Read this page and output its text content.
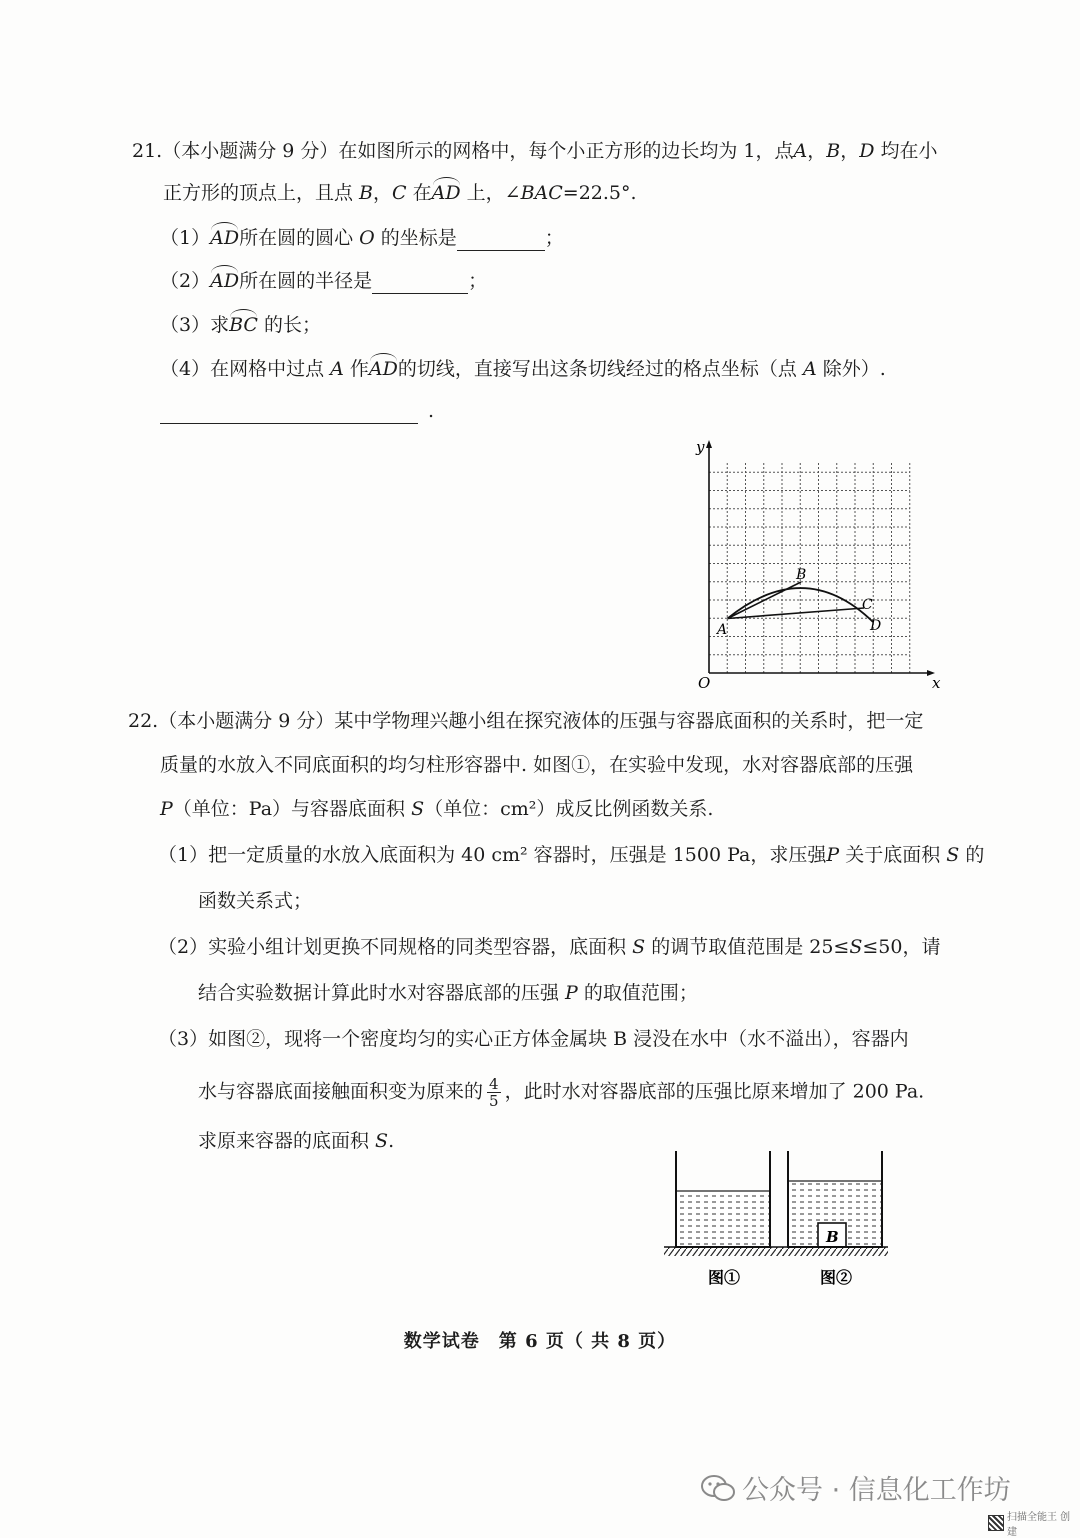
21.（本小题满分 9 分）在如图所示的网格中，每个小正方形的边长均为 1，点A，B，D 均在小
正方形的顶点上，且点 B，C 在AD 上，∠BAC=22.5°.
（1）AD所在圆的圆心 O 的坐标是	；
（2）AD所在圆的半径是	；
（3）求BC 的长；
（4）在网格中过点 A 作AD的切线，直接写出这条切线经过的格点坐标（点 A 除外）.
.
y
x
O
A
B
C
D
22.（本小题满分 9 分）某中学物理兴趣小组在探究液体的压强与容器底面积的关系时，把一定
质量的水放入不同底面积的均匀柱形容器中. 如图①，在实验中发现，水对容器底部的压强
P（单位：Pa）与容器底面积 S（单位：cm²）成反比例函数关系.
（1）把一定质量的水放入底面积为 40 cm² 容器时，压强是 1500 Pa，求压强P 关于底面积 S 的
函数关系式；
（2）实验小组计划更换不同规格的同类型容器，底面积 S 的调节取值范围是 25≤S≤50，请
结合实验数据计算此时水对容器底部的压强 P 的取值范围；
（3）如图②，现将一个密度均匀的实心正方体金属块 B 浸没在水中（水不溢出），容器内
水与容器底面接触面积变为原来的 $\frac{4}{5}$ ，此时水对容器底部的压强比原来增加了 200 Pa.
求原来容器的底面积 S.
B
图①	图②
数学试卷　第 6 页（ 共 8 页）
公众号 · 信息化工作坊
扫描全能王 创建
